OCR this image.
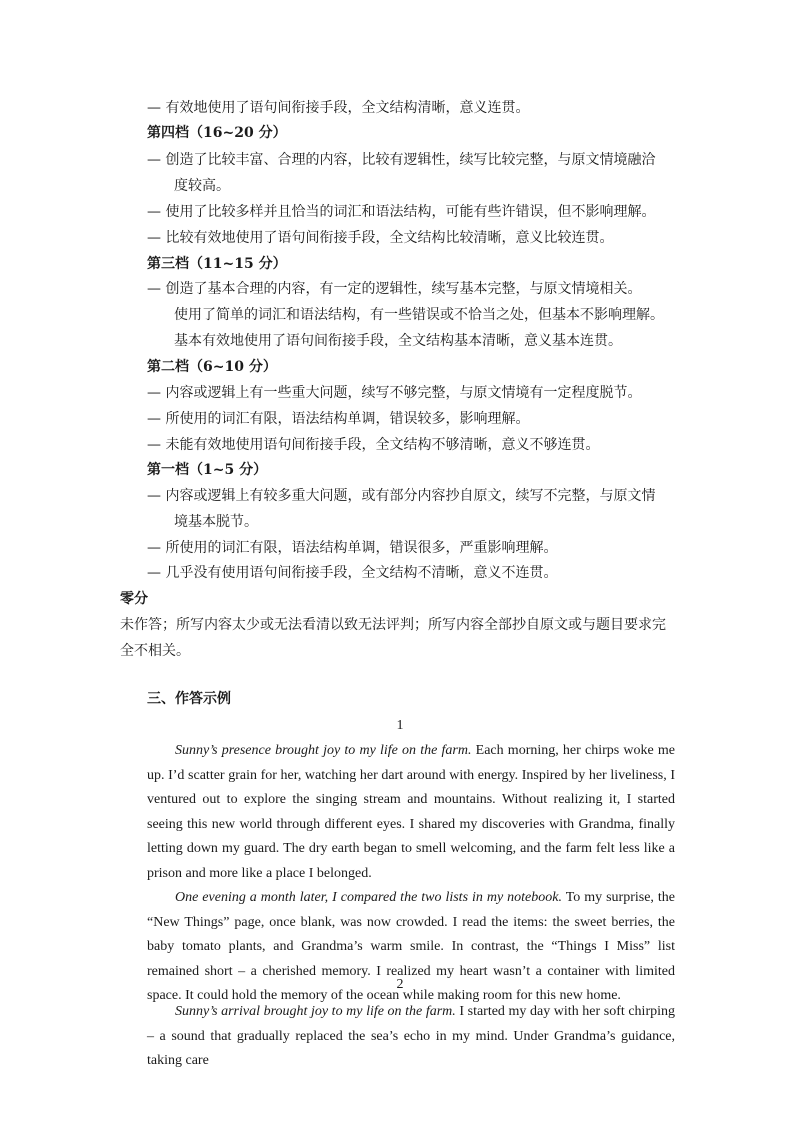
— 有效地使用了语句间衔接手段，全文结构清晰，意义连贯。
第四档（16~20 分）
— 创造了比较丰富、合理的内容，比较有逻辑性，续写比较完整，与原文情境融洽
度较高。
— 使用了比较多样并且恰当的词汇和语法结构，可能有些许错误，但不影响理解。
— 比较有效地使用了语句间衔接手段，全文结构比较清晰，意义比较连贯。
第三档（11~15 分）
— 创造了基本合理的内容，有一定的逻辑性，续写基本完整，与原文情境相关。
使用了简单的词汇和语法结构，有一些错误或不恰当之处，但基本不影响理解。
基本有效地使用了语句间衔接手段，全文结构基本清晰，意义基本连贯。
第二档（6~10 分）
— 内容或逻辑上有一些重大问题，续写不够完整，与原文情境有一定程度脱节。
— 所使用的词汇有限，语法结构单调，错误较多，影响理解。
— 未能有效地使用语句间衔接手段，全文结构不够清晰，意义不够连贯。
第一档（1~5 分）
— 内容或逻辑上有较多重大问题，或有部分内容抄自原文，续写不完整，与原文情
境基本脱节。
— 所使用的词汇有限，语法结构单调，错误很多，严重影响理解。
— 几乎没有使用语句间衔接手段，全文结构不清晰，意义不连贯。
零分
未作答；所写内容太少或无法看清以致无法评判；所写内容全部抄自原文或与题目要求完
全不相关。
三、作答示例
1

Sunny’s presence brought joy to my life on the farm. Each morning, her chirps woke me up. I’d scatter grain for her, watching her dart around with energy. Inspired by her liveliness, I ventured out to explore the singing stream and mountains. Without realizing it, I started seeing this new world through different eyes. I shared my discoveries with Grandma, finally letting down my guard. The dry earth began to smell welcoming, and the farm felt less like a prison and more like a place I belonged.

One evening a month later, I compared the two lists in my notebook. To my surprise, the “New Things” page, once blank, was now crowded. I read the items: the sweet berries, the baby tomato plants, and Grandma’s warm smile. In contrast, the “Things I Miss” list remained short – a cherished memory. I realized my heart wasn’t a container with limited space. It could hold the memory of the ocean while making room for this new home.

2

Sunny’s arrival brought joy to my life on the farm. I started my day with her soft chirping – a sound that gradually replaced the sea’s echo in my mind. Under Grandma’s guidance, taking care
